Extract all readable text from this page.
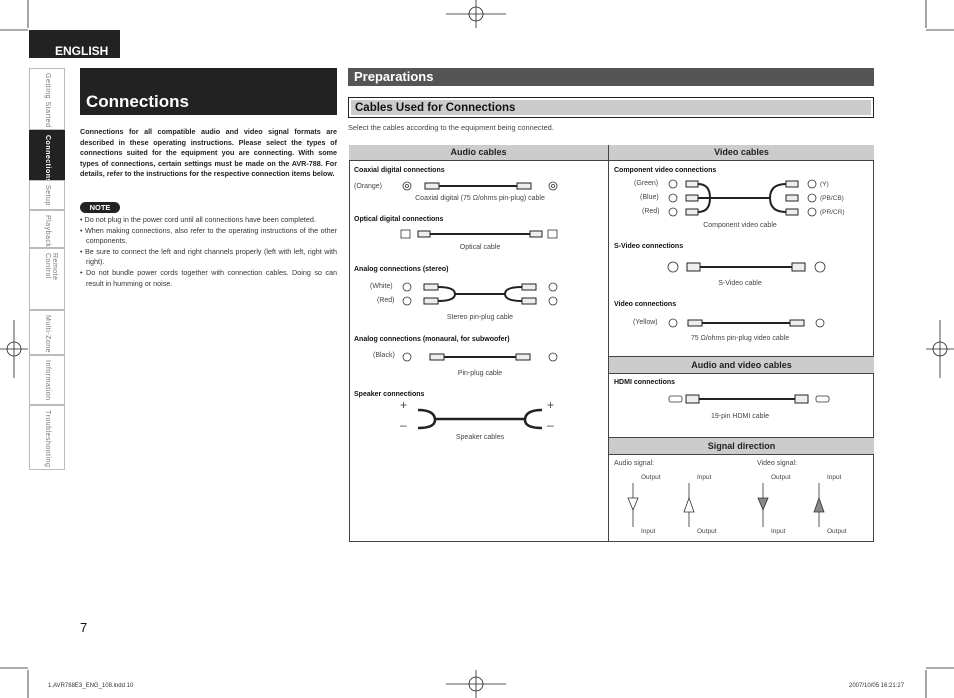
ENGLISH
Getting Started
Connections
Setup
Playback
Remote Control
Multi-Zone
Information
Troubleshooting
Connections
Connections for all compatible audio and video signal formats are described in these operating instructions. Please select the types of connections suited for the equipment you are connecting. With some types of connections, certain settings must be made on the AVR-788. For details, refer to the instructions for the respective connection items below.
NOTE
• Do not plug in the power cord until all connections have been completed.
• When making connections, also refer to the operating instructions of the other components.
• Be sure to connect the left and right channels properly (left with left, right with right).
• Do not bundle power cords together with connection cables. Doing so can result in humming or noise.
Preparations
Cables Used for Connections
Select the cables according to the equipment being connected.
Audio cables	Video cables
Audio and video cables
Signal direction
Coaxial digital connections
(Orange)
Coaxial digital (75 Ω/ohms pin-plug) cable
Optical digital connections
Optical cable
Analog connections (stereo)
(White)
(Red)
Stereo pin-plug cable
Analog connections (monaural, for subwoofer)
(Black)
Pin-plug cable
Speaker connections
+
–
+
–
Speaker cables
Component video connections
(Green)
(Blue)
(Red)
(Y)
(PB/CB)
(PR/CR)
Component video cable
S-Video connections
S-Video cable
Video connections
(Yellow)
75 Ω/ohms pin-plug video cable
HDMI connections
19-pin HDMI cable
Audio signal:	Video signal:
Output	Input	Output	Input
Input	Output	Input	Output
7
1.AVR788E3_ENG_108.indd 10	2007/10/05 16:21:27
